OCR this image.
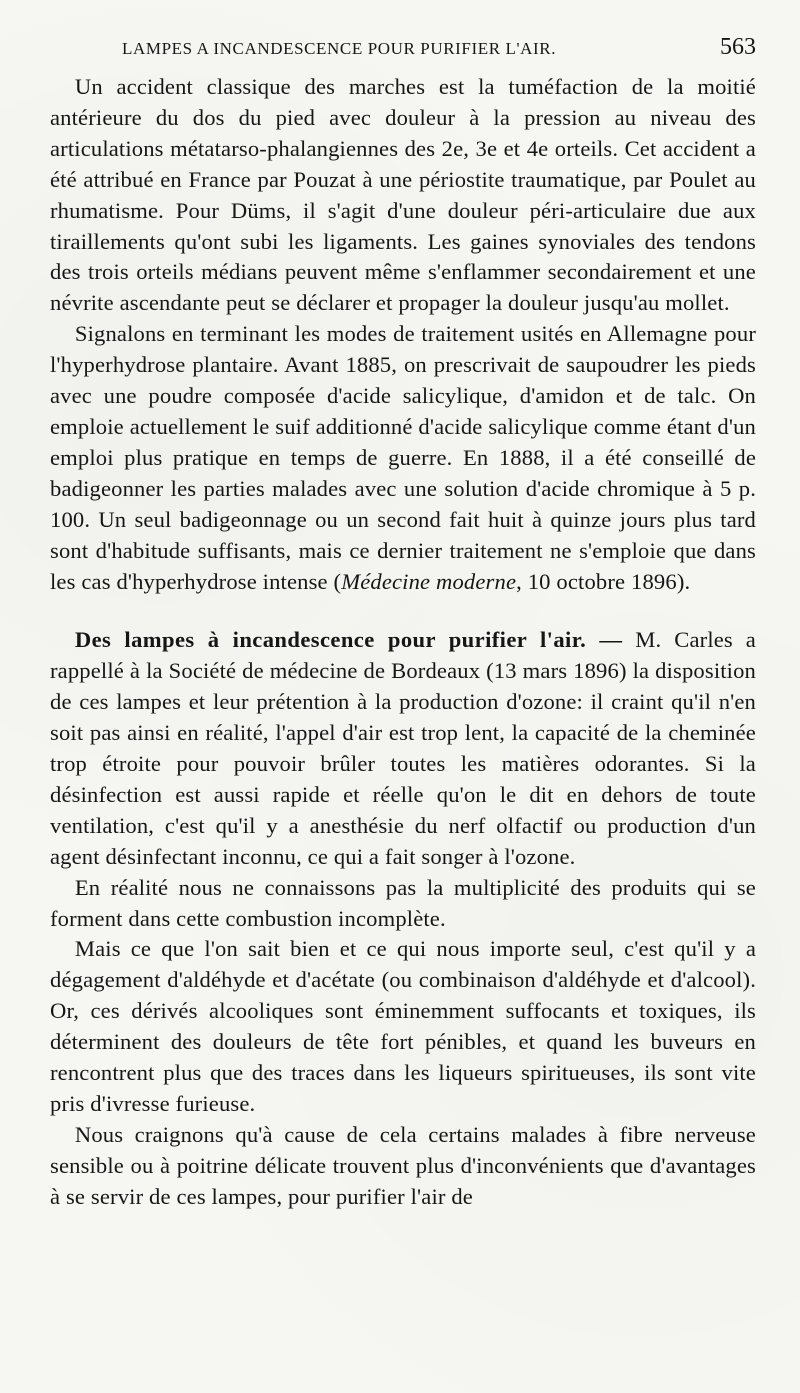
LAMPES A INCANDESCENCE POUR PURIFIER L'AIR.	563

Un accident classique des marches est la tuméfaction de la moitié antérieure du dos du pied avec douleur à la pression au niveau des articulations métatarso-phalangiennes des 2e, 3e et 4e orteils. Cet accident a été attribué en France par Pouzat à une périostite traumatique, par Poulet au rhumatisme. Pour Düms, il s'agit d'une douleur péri-articulaire due aux tiraillements qu'ont subi les ligaments. Les gaines synoviales des tendons des trois orteils médians peuvent même s'enflammer secondairement et une névrite ascendante peut se déclarer et propager la douleur jusqu'au mollet.

Signalons en terminant les modes de traitement usités en Allemagne pour l'hyperhydrose plantaire. Avant 1885, on prescrivait de saupoudrer les pieds avec une poudre composée d'acide salicylique, d'amidon et de talc. On emploie actuellement le suif additionné d'acide salicylique comme étant d'un emploi plus pratique en temps de guerre. En 1888, il a été conseillé de badigeonner les parties malades avec une solution d'acide chromique à 5 p. 100. Un seul badigeonnage ou un second fait huit à quinze jours plus tard sont d'habitude suffisants, mais ce dernier traitement ne s'emploie que dans les cas d'hyperhydrose intense (Médecine moderne, 10 octobre 1896).

Des lampes à incandescence pour purifier l'air. — M. Carles a rappellé à la Société de médecine de Bordeaux (13 mars 1896) la disposition de ces lampes et leur prétention à la production d'ozone: il craint qu'il n'en soit pas ainsi en réalité, l'appel d'air est trop lent, la capacité de la cheminée trop étroite pour pouvoir brûler toutes les matières odorantes. Si la désinfection est aussi rapide et réelle qu'on le dit en dehors de toute ventilation, c'est qu'il y a anesthésie du nerf olfactif ou production d'un agent désinfectant inconnu, ce qui a fait songer à l'ozone.

En réalité nous ne connaissons pas la multiplicité des produits qui se forment dans cette combustion incomplète.

Mais ce que l'on sait bien et ce qui nous importe seul, c'est qu'il y a dégagement d'aldéhyde et d'acétate (ou combinaison d'aldéhyde et d'alcool). Or, ces dérivés alcooliques sont éminemment suffocants et toxiques, ils déterminent des douleurs de tête fort pénibles, et quand les buveurs en rencontrent plus que des traces dans les liqueurs spiritueuses, ils sont vite pris d'ivresse furieuse.

Nous craignons qu'à cause de cela certains malades à fibre nerveuse sensible ou à poitrine délicate trouvent plus d'inconvénients que d'avantages à se servir de ces lampes, pour purifier l'air de
